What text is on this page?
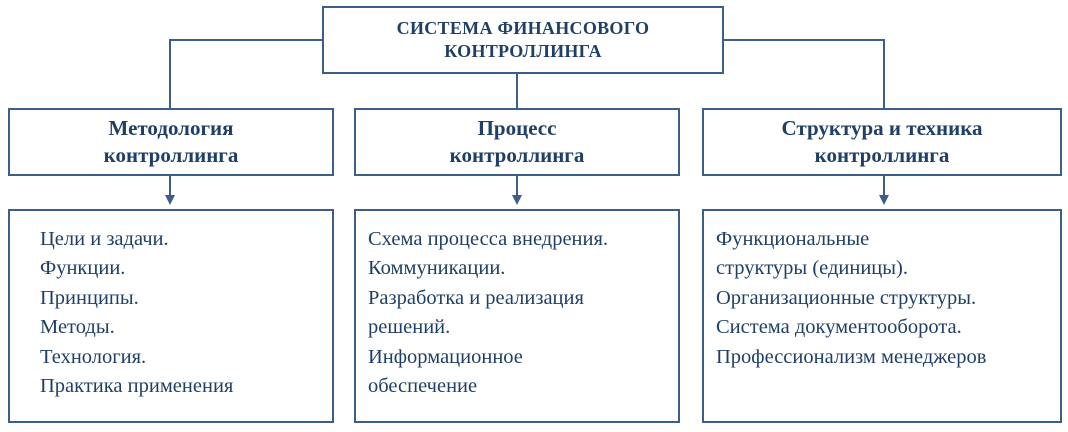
СИСТЕМА ФИНАНСОВОГО
КОНТРОЛЛИНГА
Методология
контроллинга
Процесс
контроллинга
Структура и техника
контроллинга
Цели и задачи.
Функции.
Принципы.
Методы.
Технология.
Практика применения
Схема процесса внедрения.
Коммуникации.
Разработка и реализация
решений.
Информационное
обеспечение
Функциональные
структуры (единицы).
Организационные структуры.
Система документооборота.
Профессионализм менеджеров
